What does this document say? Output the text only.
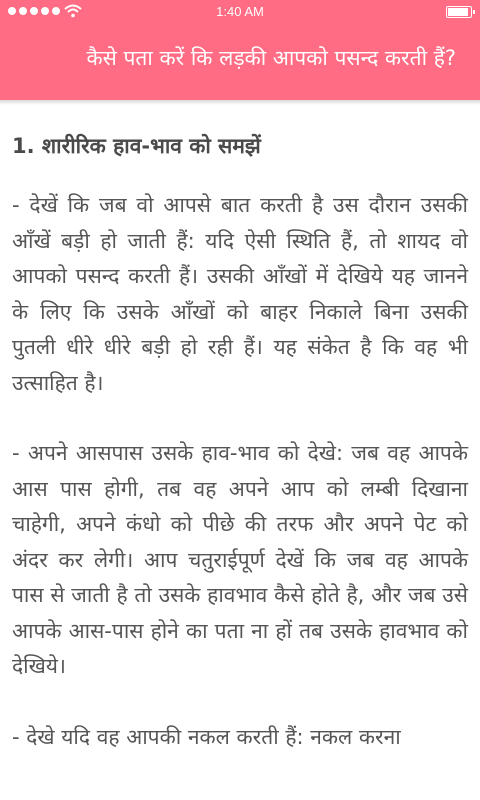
1:40 AM
कैसे पता करें कि लड़की आपको पसन्द करती हैं?
1. शारीरिक हाव-भाव को समझें

- देखें कि जब वो आपसे बात करती है उस दौरान उसकी आँखें बड़ी हो जाती हैं: यदि ऐसी स्थिति हैं, तो शायद वो आपको पसन्द करती हैं। उसकी आँखों में देखिये यह जानने के लिए कि उसके आँखों को बाहर निकाले बिना उसकी पुतली धीरे धीरे बड़ी हो रही हैं। यह संकेत है कि वह भी उत्साहित है।

- अपने आसपास उसके हाव-भाव को देखे: जब वह आपके आस पास होगी, तब वह अपने आप को लम्बी दिखाना चाहेगी, अपने कंधो को पीछे की तरफ और अपने पेट को अंदर कर लेगी। आप चतुराईपूर्ण देखें कि जब वह आपके पास से जाती है तो उसके हावभाव कैसे होते है, और जब उसे आपके आस-पास होने का पता ना हों तब उसके हावभाव को देखिये।

- देखे यदि वह आपकी नकल करती हैं: नकल करना
